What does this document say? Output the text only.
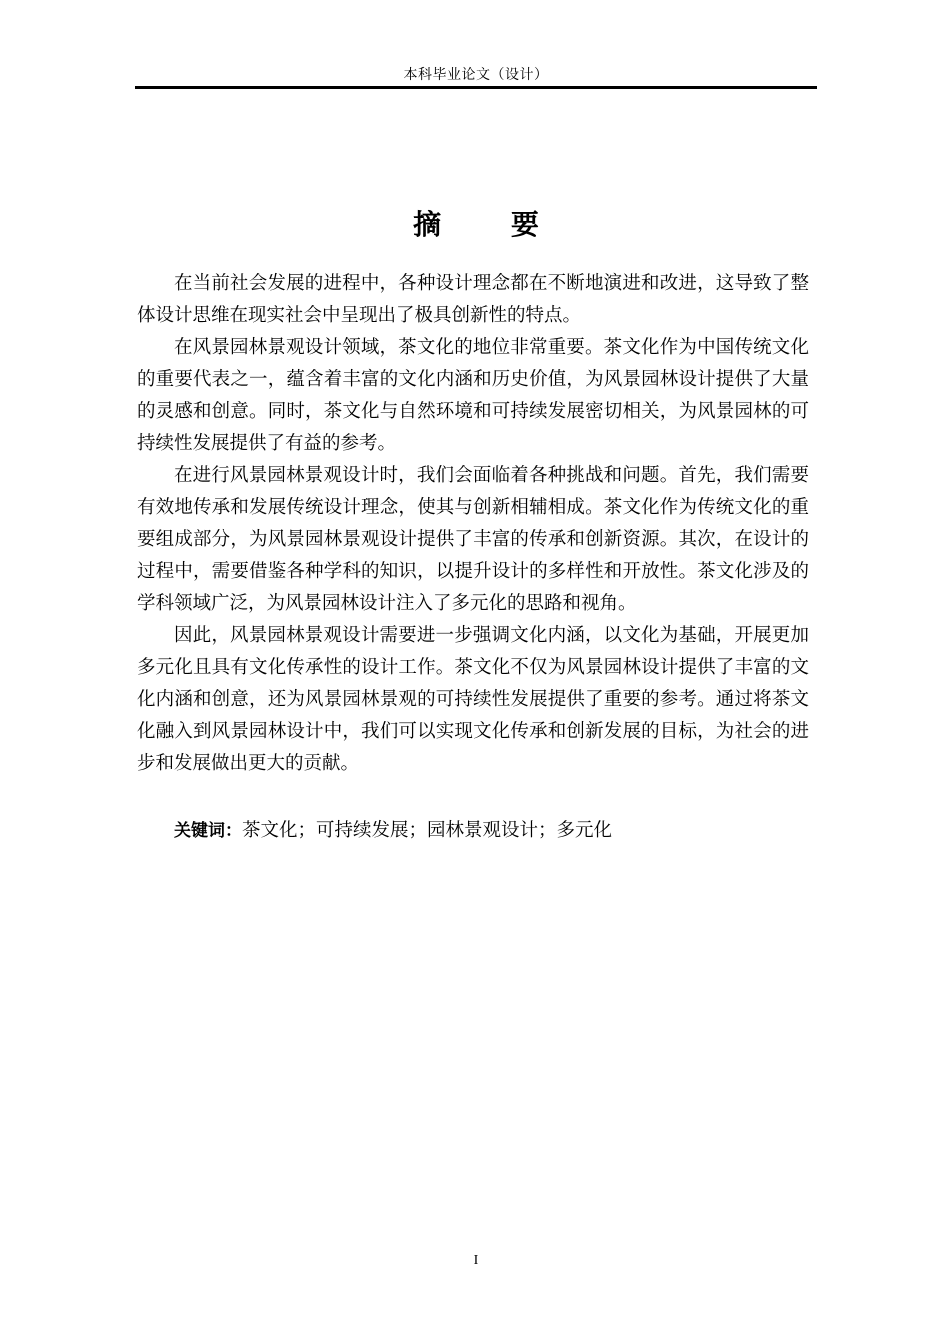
本科毕业论文（设计）
摘 要

在当前社会发展的进程中，各种设计理念都在不断地演进和改进，这导致了整体设计思维在现实社会中呈现出了极具创新性的特点。

在风景园林景观设计领域，茶文化的地位非常重要。茶文化作为中国传统文化的重要代表之一，蕴含着丰富的文化内涵和历史价值，为风景园林设计提供了大量的灵感和创意。同时，茶文化与自然环境和可持续发展密切相关，为风景园林的可持续性发展提供了有益的参考。

在进行风景园林景观设计时，我们会面临着各种挑战和问题。首先，我们需要有效地传承和发展传统设计理念，使其与创新相辅相成。茶文化作为传统文化的重要组成部分，为风景园林景观设计提供了丰富的传承和创新资源。其次，在设计的过程中，需要借鉴各种学科的知识，以提升设计的多样性和开放性。茶文化涉及的学科领域广泛，为风景园林设计注入了多元化的思路和视角。

因此，风景园林景观设计需要进一步强调文化内涵，以文化为基础，开展更加多元化且具有文化传承性的设计工作。茶文化不仅为风景园林设计提供了丰富的文化内涵和创意，还为风景园林景观的可持续性发展提供了重要的参考。通过将茶文化融入到风景园林设计中，我们可以实现文化传承和创新发展的目标，为社会的进步和发展做出更大的贡献。

关键词：茶文化；可持续发展；园林景观设计；多元化
I
